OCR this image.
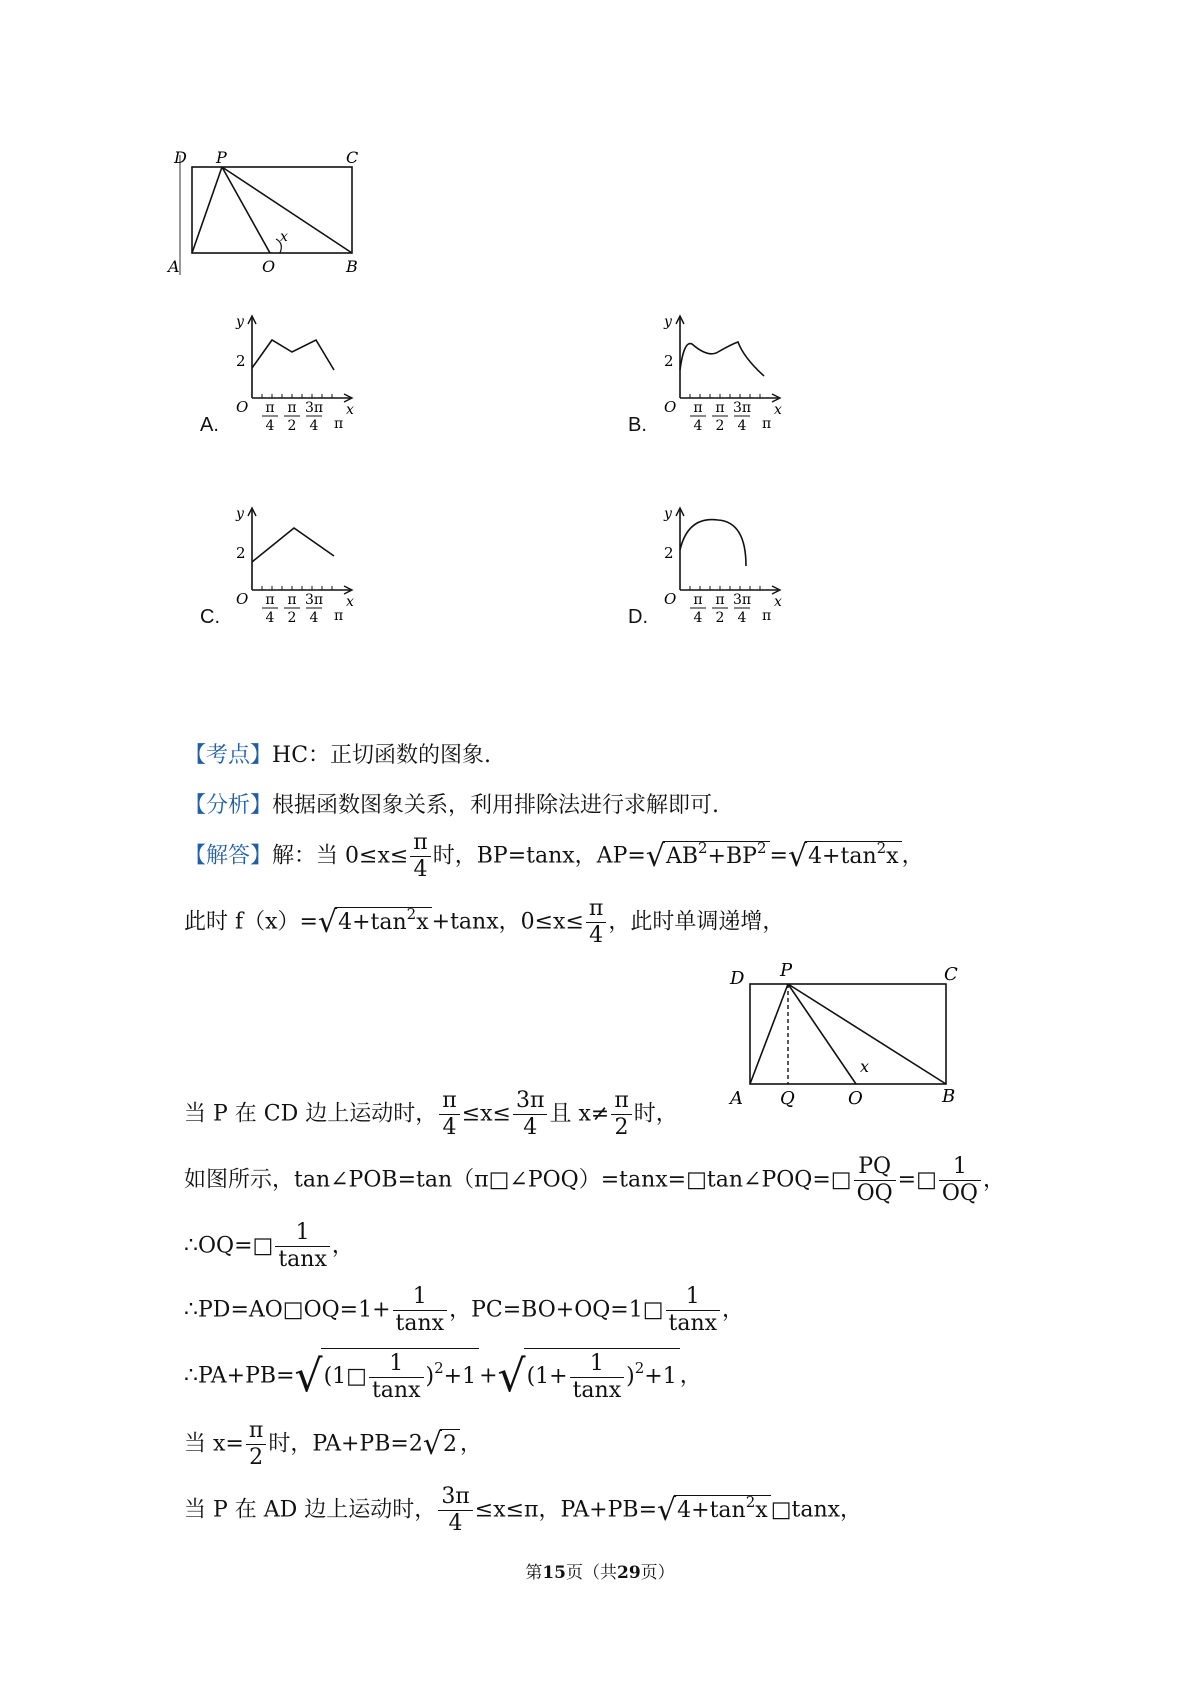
D P	C
A	O	B
x
y
2
O	x
π
4
π
2
3π
4 π
A.
y
2
O	x
π
4
π
2
3π
4 π
B.
y
2
O	x
π
4
π
2
3π
4 π
C.
y
2
O	x
π
4
π
2
3π
4 π
D.
【考点】HC：正切函数的图象.
【分析】根据函数图象关系，利用排除法进行求解即可.
【解答】解：当 $0\le x\le \frac{\pi}{4}$ 时，BP=tanx，$AP=√AB^2+BP^2 =√4+\tan^2x$ ，
此时 $f(x)=√4+\tan^2x +\tan x$，$0\le x\le \frac{\pi}{4}$ ，此时单调递增，
D P	C
A Q	O	B
x
当 P 在 CD 边上运动时， $\frac{\pi}{4} \le x\le \frac{3\pi}{4}$ 且 $x\ne \frac{\pi}{2}$ 时，
如图所示，tan∠POB=tan（π□∠POQ）=tanx=□tan∠POQ=□ $\frac{PQ}{OQ}$ =□ $\frac{1}{OQ}$ ，
∴OQ=□ $\frac{1}{\tan x}$ ，
∴PD=AO□OQ=1+ $\frac{1}{\tan x}$ ，PC=BO+OQ=1□ $\frac{1}{\tan x}$ ，
∴PA+PB=√(1□ $\frac{1}{\tan x} )^2+1 +√(1+ \frac{1}{\tan x} )^2+1$ ，
当 $x= \frac{\pi}{2}$ 时，PA+PB=2√2 ，
当 P 在 AD 边上运动时， $\frac{3\pi}{4} \le x\le\pi$，$PA+PB=√4+\tan^2x$ □tanx，
第15页（共29页）
